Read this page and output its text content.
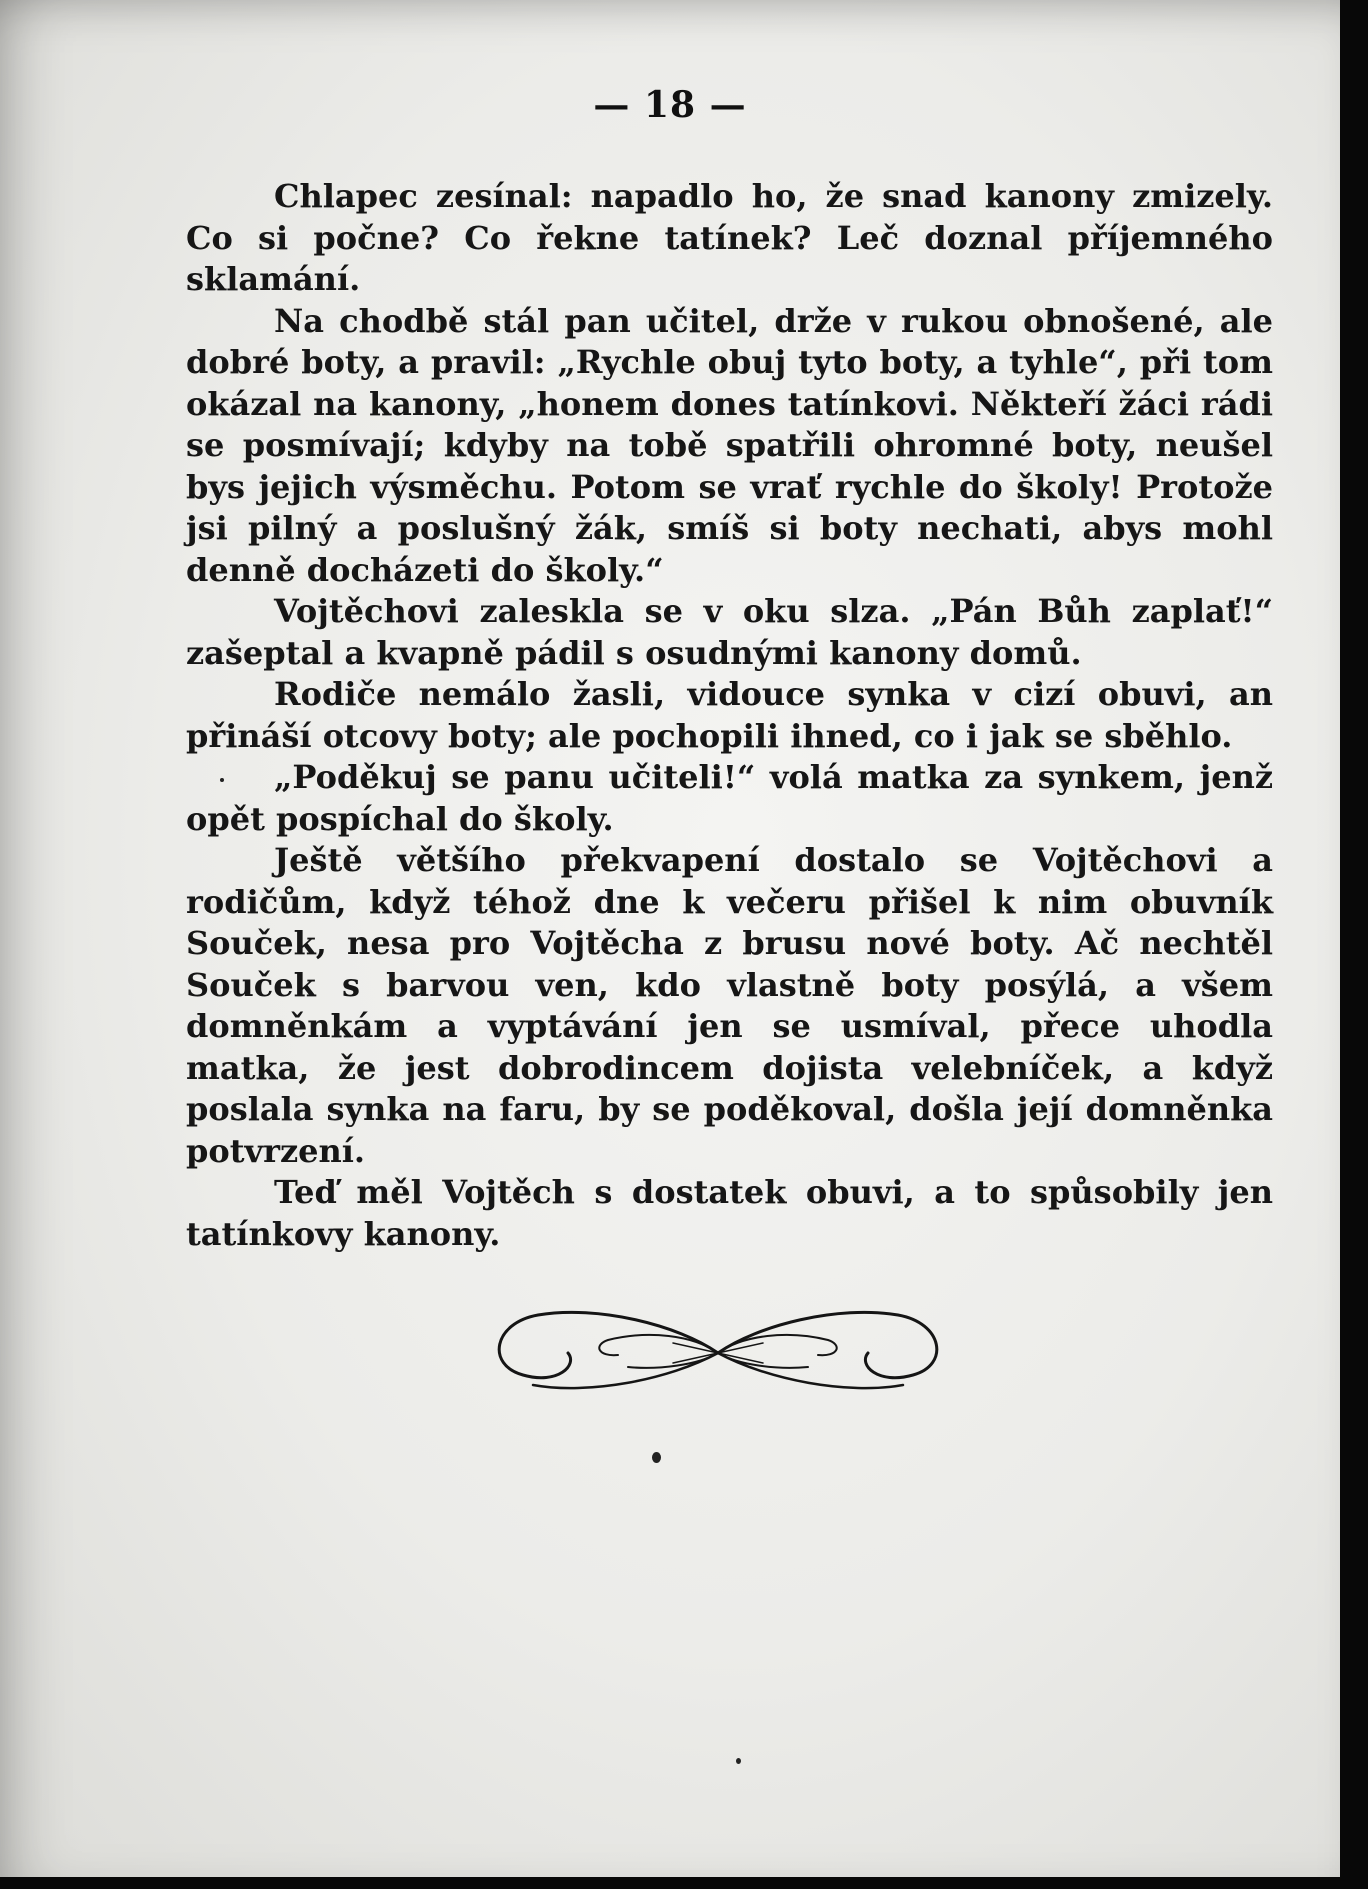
— 18 —

Chlapec zesínal: napadlo ho, že snad kanony zmizely. Co si počne? Co řekne tatínek? Leč doznal příjemného sklamání.

Na chodbě stál pan učitel, drže v rukou obnošené, ale dobré boty, a pravil: „Rychle obuj tyto boty, a tyhle“, při tom okázal na kanony, „honem dones tatínkovi. Někteří žáci rádi se posmívají; kdyby na tobě spatřili ohromné boty, neušel bys jejich výsměchu. Potom se vrať rychle do školy! Protože jsi pilný a poslušný žák, smíš si boty nechati, abys mohl denně docházeti do školy.“

Vojtěchovi zaleskla se v oku slza. „Pán Bůh zaplať!“ zašeptal a kvapně pádil s osudnými kanony domů.

Rodiče nemálo žasli, vidouce synka v cizí obuvi, an přináší otcovy boty; ale pochopili ihned, co i jak se sběhlo.

„Poděkuj se panu učiteli!“ volá matka za synkem, jenž opět pospíchal do školy.

Ještě většího překvapení dostalo se Vojtěchovi a rodičům, když téhož dne k večeru přišel k nim obuvník Souček, nesa pro Vojtěcha z brusu nové boty. Ač nechtěl Souček s barvou ven, kdo vlastně boty posýlá, a všem domněnkám a vyptávání jen se usmíval, přece uhodla matka, že jest dobrodincem dojista velebníček, a když poslala synka na faru, by se poděkoval, došla její domněnka potvrzení.

Teď měl Vojtěch s dostatek obuvi, a to spůsobily jen tatínkovy kanony.
